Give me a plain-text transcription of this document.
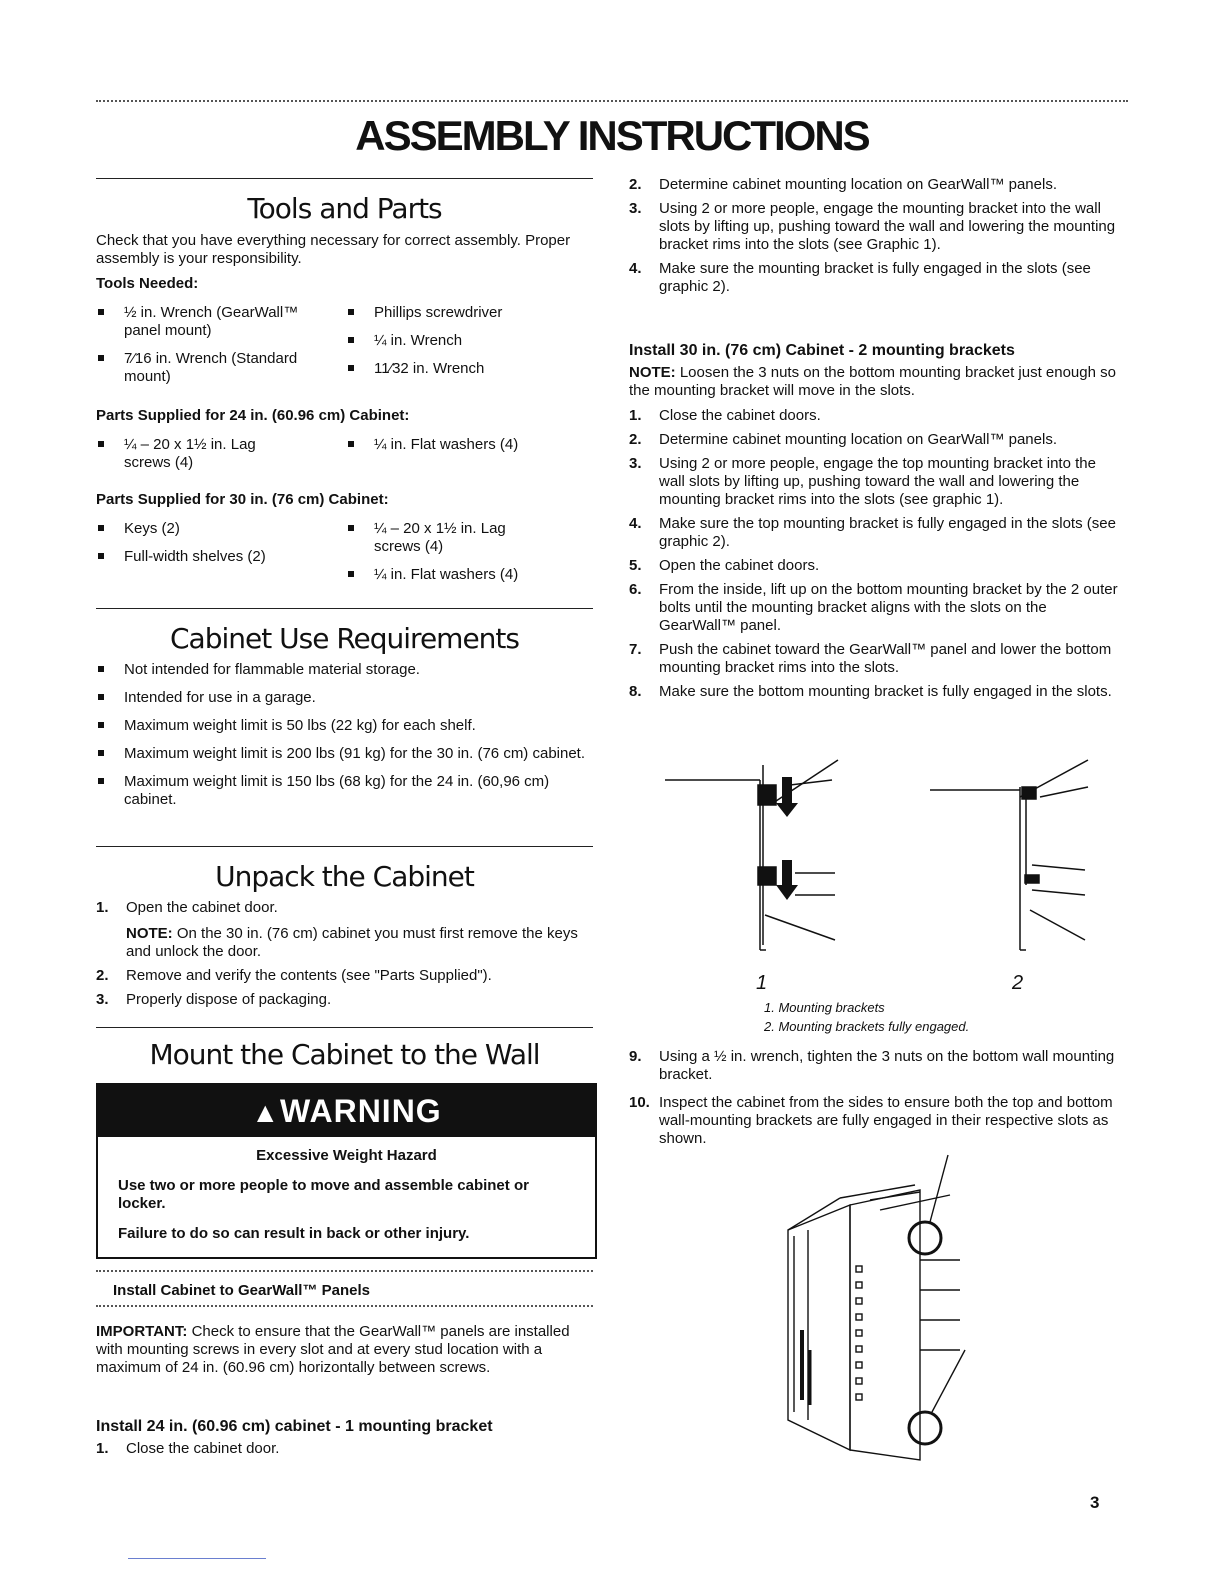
ASSEMBLY INSTRUCTIONS
Tools and Parts
Check that you have everything necessary for correct assembly. Proper assembly is your responsibility.
Tools Needed:
½ in. Wrench (GearWall™ panel mount)
7⁄16 in. Wrench (Standard mount)
Phillips screwdriver
¼ in. Wrench
11⁄32 in. Wrench
Parts Supplied for 24 in. (60.96 cm) Cabinet:
¼ – 20 x 1½ in. Lag screws (4)
¼ in. Flat washers (4)
Parts Supplied for 30 in. (76 cm) Cabinet:
Keys (2)
Full-width shelves (2)
¼ – 20 x 1½ in. Lag screws (4)
¼ in. Flat washers (4)
Cabinet Use Requirements
Not intended for flammable material storage.
Intended for use in a garage.
Maximum weight limit is 50 lbs (22 kg) for each shelf.
Maximum weight limit is 200 lbs (91 kg) for the 30 in. (76 cm) cabinet.
Maximum weight limit is 150 lbs (68 kg) for the 24 in. (60,96 cm) cabinet.
Unpack the Cabinet
1. Open the cabinet door.
NOTE: On the 30 in. (76 cm) cabinet you must first remove the keys and unlock the door.
2. Remove and verify the contents (see "Parts Supplied").
3. Properly dispose of packaging.
Mount the Cabinet to the Wall
▲WARNING
Excessive Weight Hazard
Use two or more people to move and assemble cabinet or locker.
Failure to do so can result in back or other injury.
Install Cabinet to GearWall™ Panels
IMPORTANT: Check to ensure that the GearWall™ panels are installed with mounting screws in every slot and at every stud location with a maximum of 24 in. (60.96 cm) horizontally between screws.
Install 24 in. (60.96 cm) cabinet - 1 mounting bracket
1. Close the cabinet door.
2. Determine cabinet mounting location on GearWall™ panels.
3. Using 2 or more people, engage the mounting bracket into the wall slots by lifting up, pushing toward the wall and lowering the mounting bracket rims into the slots (see Graphic 1).
4. Make sure the mounting bracket is fully engaged in the slots (see graphic 2).
Install 30 in. (76 cm) Cabinet - 2 mounting brackets
NOTE: Loosen the 3 nuts on the bottom mounting bracket just enough so the mounting bracket will move in the slots.
1. Close the cabinet doors.
2. Determine cabinet mounting location on GearWall™ panels.
3. Using 2 or more people, engage the top mounting bracket into the wall slots by lifting up, pushing toward the wall and lowering the mounting bracket rims into the slots (see graphic 1).
4. Make sure the top mounting bracket is fully engaged in the slots (see graphic 2).
5. Open the cabinet doors.
6. From the inside, lift up on the bottom mounting bracket by the 2 outer bolts until the mounting bracket aligns with the slots on the GearWall™ panel.
7. Push the cabinet toward the GearWall™ panel and lower the bottom mounting bracket rims into the slots.
8. Make sure the bottom mounting bracket is fully engaged in the slots.
1	2
1. Mounting brackets
2. Mounting brackets fully engaged.
9. Using a ½ in. wrench, tighten the 3 nuts on the bottom wall mounting bracket.
10. Inspect the cabinet from the sides to ensure both the top and bottom wall-mounting brackets are fully engaged in their respective slots as shown.
3
